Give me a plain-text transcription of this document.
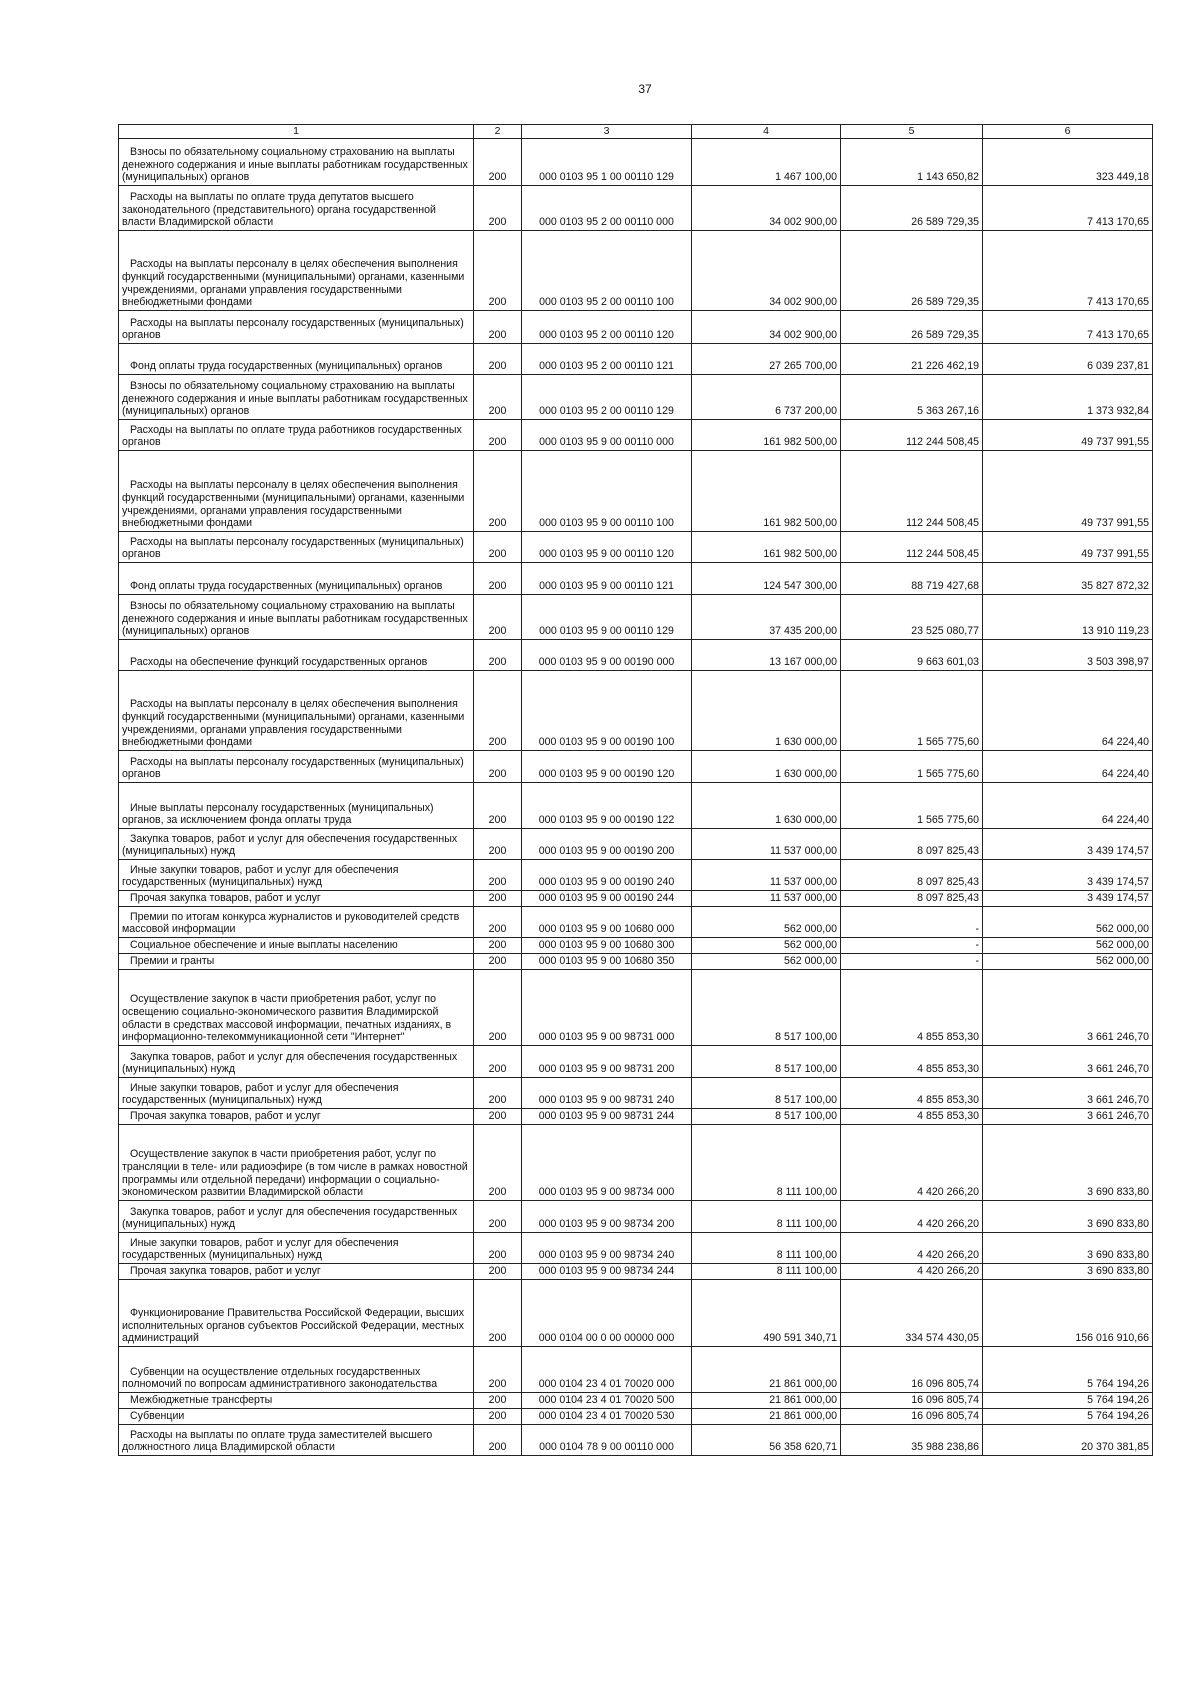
37
1	2	3	4	5	6

Взносы по обязательному социальному страхованию на выплаты денежного содержания и иные выплаты работникам государственных (муниципальных) органов	200	000 0103 95 1 00 00110 129	1 467 100,00	1 143 650,82	323 449,18

Расходы на выплаты по оплате труда депутатов высшего законодательного (представительного) органа государственной власти Владимирской области	200	000 0103 95 2 00 00110 000	34 002 900,00	26 589 729,35	7 413 170,65

Расходы на выплаты персоналу в целях обеспечения выполнения функций государственными (муниципальными) органами, казенными учреждениями, органами управления государственными внебюджетными фондами	200	000 0103 95 2 00 00110 100	34 002 900,00	26 589 729,35	7 413 170,65

Расходы на выплаты персоналу государственных (муниципальных) органов	200	000 0103 95 2 00 00110 120	34 002 900,00	26 589 729,35	7 413 170,65

Фонд оплаты труда государственных (муниципальных) органов	200	000 0103 95 2 00 00110 121	27 265 700,00	21 226 462,19	6 039 237,81

Взносы по обязательному социальному страхованию на выплаты денежного содержания и иные выплаты работникам государственных (муниципальных) органов	200	000 0103 95 2 00 00110 129	6 737 200,00	5 363 267,16	1 373 932,84

Расходы на выплаты по оплате труда работников государственных органов	200	000 0103 95 9 00 00110 000	161 982 500,00	112 244 508,45	49 737 991,55

Расходы на выплаты персоналу в целях обеспечения выполнения функций государственными (муниципальными) органами, казенными учреждениями, органами управления государственными внебюджетными фондами	200	000 0103 95 9 00 00110 100	161 982 500,00	112 244 508,45	49 737 991,55

Расходы на выплаты персоналу государственных (муниципальных) органов	200	000 0103 95 9 00 00110 120	161 982 500,00	112 244 508,45	49 737 991,55

Фонд оплаты труда государственных (муниципальных) органов	200	000 0103 95 9 00 00110 121	124 547 300,00	88 719 427,68	35 827 872,32

Взносы по обязательному социальному страхованию на выплаты денежного содержания и иные выплаты работникам государственных (муниципальных) органов	200	000 0103 95 9 00 00110 129	37 435 200,00	23 525 080,77	13 910 119,23

Расходы на обеспечение функций государственных органов	200	000 0103 95 9 00 00190 000	13 167 000,00	9 663 601,03	3 503 398,97

Расходы на выплаты персоналу в целях обеспечения выполнения функций государственными (муниципальными) органами, казенными учреждениями, органами управления государственными внебюджетными фондами	200	000 0103 95 9 00 00190 100	1 630 000,00	1 565 775,60	64 224,40

Расходы на выплаты персоналу государственных (муниципальных) органов	200	000 0103 95 9 00 00190 120	1 630 000,00	1 565 775,60	64 224,40

Иные выплаты персоналу государственных (муниципальных) органов, за исключением фонда оплаты труда	200	000 0103 95 9 00 00190 122	1 630 000,00	1 565 775,60	64 224,40

Закупка товаров, работ и услуг для обеспечения государственных (муниципальных) нужд	200	000 0103 95 9 00 00190 200	11 537 000,00	8 097 825,43	3 439 174,57

Иные закупки товаров, работ и услуг для обеспечения государственных (муниципальных) нужд	200	000 0103 95 9 00 00190 240	11 537 000,00	8 097 825,43	3 439 174,57

Прочая закупка товаров, работ и услуг	200	000 0103 95 9 00 00190 244	11 537 000,00	8 097 825,43	3 439 174,57

Премии по итогам конкурса журналистов и руководителей средств массовой информации	200	000 0103 95 9 00 10680 000	562 000,00	-	562 000,00

Социальное обеспечение и иные выплаты населению	200	000 0103 95 9 00 10680 300	562 000,00	-	562 000,00

Премии и гранты	200	000 0103 95 9 00 10680 350	562 000,00	-	562 000,00

Осуществление закупок в части приобретения работ, услуг по освещению социально-экономического развития Владимирской области в средствах массовой информации, печатных изданиях, в информационно-телекоммуникационной сети "Интернет"	200	000 0103 95 9 00 98731 000	8 517 100,00	4 855 853,30	3 661 246,70

Закупка товаров, работ и услуг для обеспечения государственных (муниципальных) нужд	200	000 0103 95 9 00 98731 200	8 517 100,00	4 855 853,30	3 661 246,70

Иные закупки товаров, работ и услуг для обеспечения государственных (муниципальных) нужд	200	000 0103 95 9 00 98731 240	8 517 100,00	4 855 853,30	3 661 246,70

Прочая закупка товаров, работ и услуг	200	000 0103 95 9 00 98731 244	8 517 100,00	4 855 853,30	3 661 246,70

Осуществление закупок в части приобретения работ, услуг по трансляции в теле- или радиоэфире (в том числе в рамках новостной программы или отдельной передачи) информации о социально-экономическом развитии Владимирской области	200	000 0103 95 9 00 98734 000	8 111 100,00	4 420 266,20	3 690 833,80

Закупка товаров, работ и услуг для обеспечения государственных (муниципальных) нужд	200	000 0103 95 9 00 98734 200	8 111 100,00	4 420 266,20	3 690 833,80

Иные закупки товаров, работ и услуг для обеспечения государственных (муниципальных) нужд	200	000 0103 95 9 00 98734 240	8 111 100,00	4 420 266,20	3 690 833,80

Прочая закупка товаров, работ и услуг	200	000 0103 95 9 00 98734 244	8 111 100,00	4 420 266,20	3 690 833,80

Функционирование Правительства Российской Федерации, высших исполнительных органов субъектов Российской Федерации, местных администраций	200	000 0104 00 0 00 00000 000	490 591 340,71	334 574 430,05	156 016 910,66

Субвенции на осуществление отдельных государственных полномочий по вопросам административного законодательства	200	000 0104 23 4 01 70020 000	21 861 000,00	16 096 805,74	5 764 194,26

Межбюджетные трансферты	200	000 0104 23 4 01 70020 500	21 861 000,00	16 096 805,74	5 764 194,26

Субвенции	200	000 0104 23 4 01 70020 530	21 861 000,00	16 096 805,74	5 764 194,26

Расходы на выплаты по оплате труда заместителей высшего должностного лица Владимирской области	200	000 0104 78 9 00 00110 000	56 358 620,71	35 988 238,86	20 370 381,85
